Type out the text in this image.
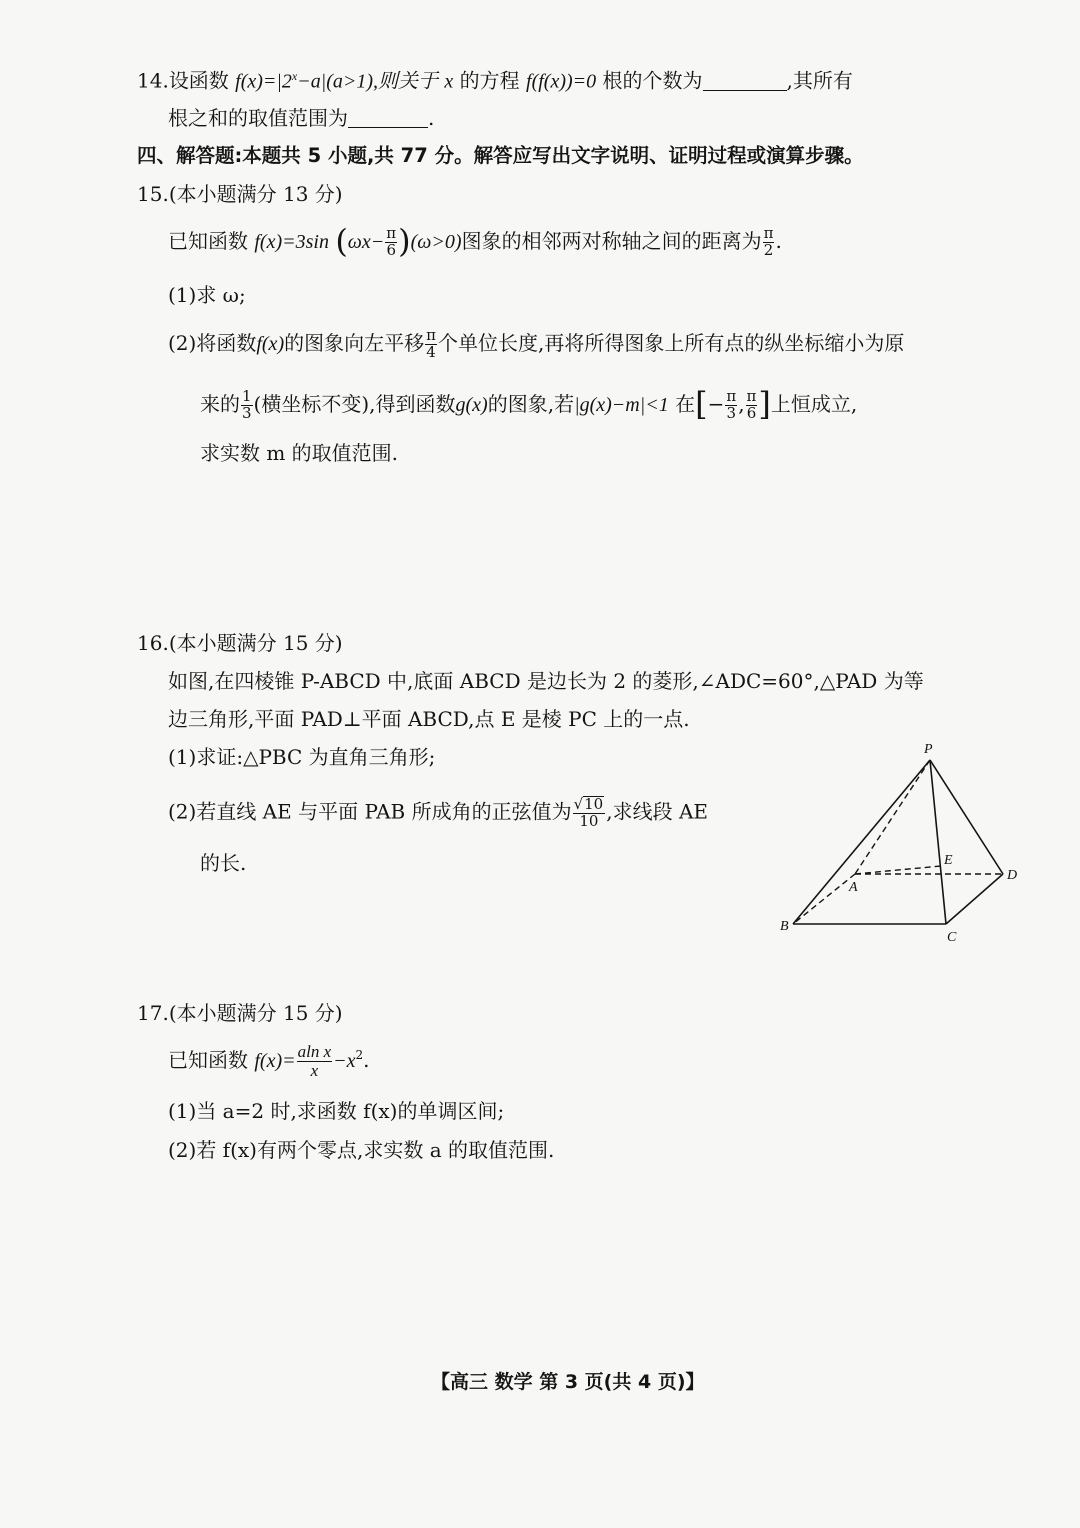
14.设函数 $f(x)=|2^x-a|(a>1)$,则关于 x 的方程 f(f(x))=0 根的个数为	,其所有
根之和的取值范围为	.
四、解答题:本题共 5 小题,共 77 分。解答应写出文字说明、证明过程或演算步骤。
15.(本小题满分 13 分)
已知函数 f(x)=3sin $(\omega x- \frac{\pi}{6} )(\omega>0)$图象的相邻两对称轴之间的距离为 $\frac{\pi}{2}$ .
(1)求 ω;
(2)将函数f(x)的图象向左平移 $\frac{\pi}{4}$ 个单位长度,再将所得图象上所有点的纵坐标缩小为原
来的 $\frac{1}{3}$ (横坐标不变),得到函数g(x)的图象,若|g(x)−m|<1 在[− $\frac{\pi}{3}$ , $\frac{\pi}{6}$ ]上恒成立,
求实数 m 的取值范围.
16.(本小题满分 15 分)
如图,在四棱锥 P-ABCD 中,底面 ABCD 是边长为 2 的菱形,∠ADC=60°,△PAD 为等
边三角形,平面 PAD⊥平面 ABCD,点 E 是棱 PC 上的一点.
(1)求证:△PBC 为直角三角形;
(2)若直线 AE 与平面 PAB 所成角的正弦值为 $\frac{√10}{10}$ ,求线段 AE
的长.
P
A
B
C
D
E
17.(本小题满分 15 分)
已知函数 $f(x)= \frac{\text{aln x}}{x} -x^2$.
(1)当 a=2 时,求函数 f(x)的单调区间;
(2)若 f(x)有两个零点,求实数 a 的取值范围.
【高三 数学 第 3 页(共 4 页)】
